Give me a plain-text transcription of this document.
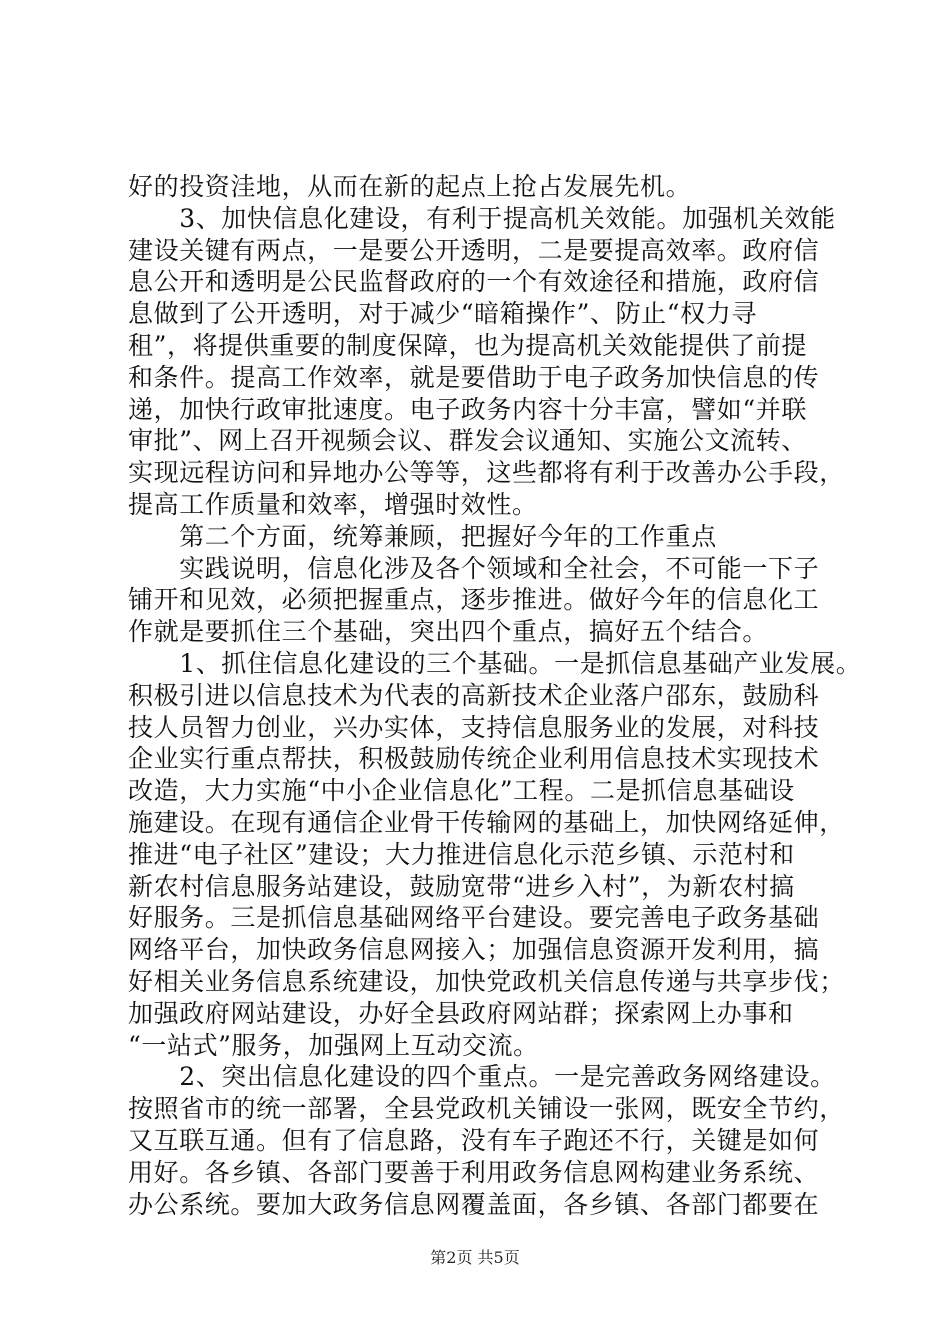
好的投资洼地，从而在新的起点上抢占发展先机。
　　3、加快信息化建设，有利于提高机关效能。加强机关效能
建设关键有两点，一是要公开透明，二是要提高效率。政府信
息公开和透明是公民监督政府的一个有效途径和措施，政府信
息做到了公开透明，对于减少“暗箱操作”、防止“权力寻
租”，将提供重要的制度保障，也为提高机关效能提供了前提
和条件。提高工作效率，就是要借助于电子政务加快信息的传
递，加快行政审批速度。电子政务内容十分丰富，譬如“并联
审批”、网上召开视频会议、群发会议通知、实施公文流转、
实现远程访问和异地办公等等，这些都将有利于改善办公手段，
提高工作质量和效率，增强时效性。
　　第二个方面，统筹兼顾，把握好今年的工作重点
　　实践说明，信息化涉及各个领域和全社会，不可能一下子
铺开和见效，必须把握重点，逐步推进。做好今年的信息化工
作就是要抓住三个基础，突出四个重点，搞好五个结合。
　　1、抓住信息化建设的三个基础。一是抓信息基础产业发展。
积极引进以信息技术为代表的高新技术企业落户邵东，鼓励科
技人员智力创业，兴办实体，支持信息服务业的发展，对科技
企业实行重点帮扶，积极鼓励传统企业利用信息技术实现技术
改造，大力实施“中小企业信息化”工程。二是抓信息基础设
施建设。在现有通信企业骨干传输网的基础上，加快网络延伸，
推进“电子社区”建设；大力推进信息化示范乡镇、示范村和
新农村信息服务站建设，鼓励宽带“进乡入村”，为新农村搞
好服务。三是抓信息基础网络平台建设。要完善电子政务基础
网络平台，加快政务信息网接入；加强信息资源开发利用，搞
好相关业务信息系统建设，加快党政机关信息传递与共享步伐；
加强政府网站建设，办好全县政府网站群；探索网上办事和
“一站式”服务，加强网上互动交流。
　　2、突出信息化建设的四个重点。一是完善政务网络建设。
按照省市的统一部署，全县党政机关铺设一张网，既安全节约，
又互联互通。但有了信息路，没有车子跑还不行，关键是如何
用好。各乡镇、各部门要善于利用政务信息网构建业务系统、
第2页 共5页
办公系统。要加大政务信息网覆盖面，各乡镇、各部门都要在
